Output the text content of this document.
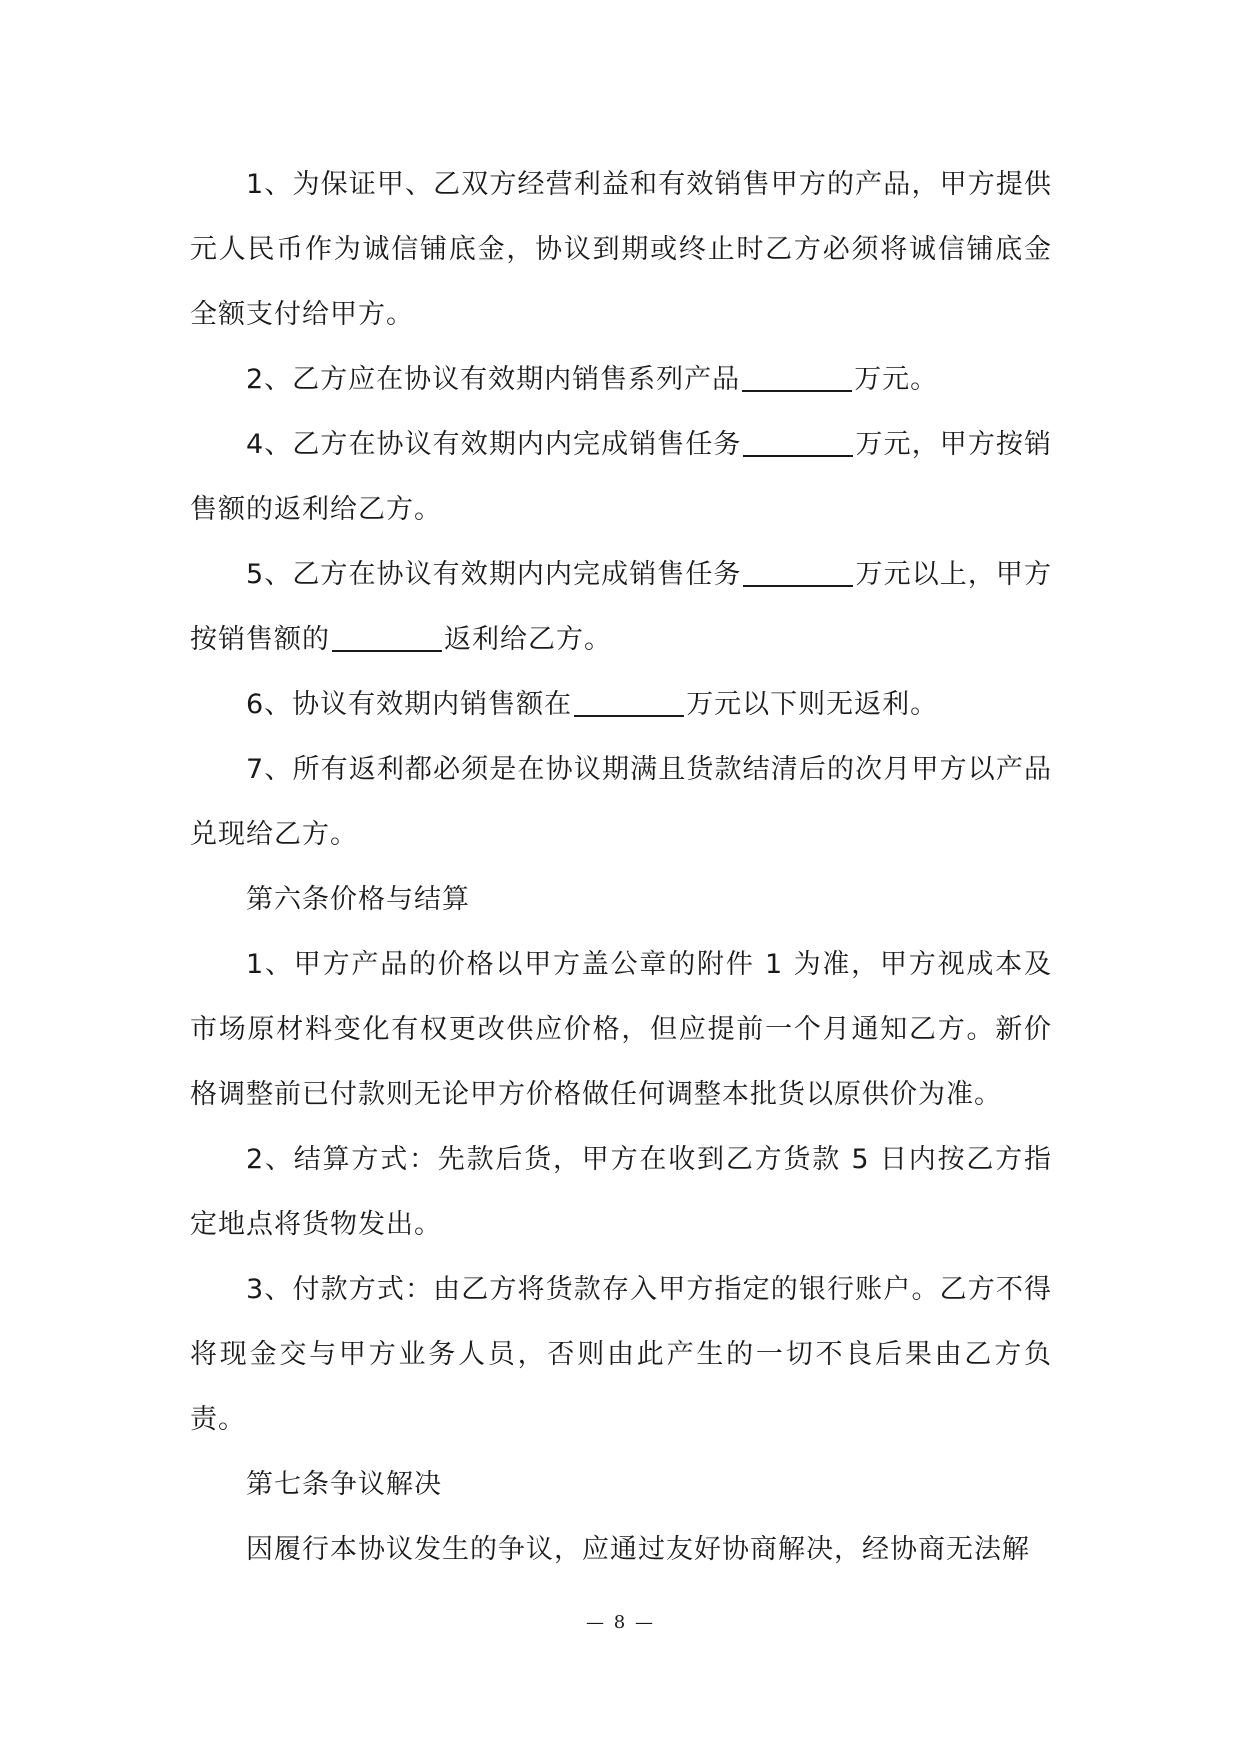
1、为保证甲、乙双方经营利益和有效销售甲方的产品，甲方提供元人民币作为诚信铺底金，协议到期或终止时乙方必须将诚信铺底金全额支付给甲方。

2、乙方应在协议有效期内销售系列产品	万元。

4、乙方在协议有效期内内完成销售任务	万元，甲方按销售额的返利给乙方。

5、乙方在协议有效期内内完成销售任务	万元以上，甲方按销售额的	返利给乙方。

6、协议有效期内销售额在	万元以下则无返利。

7、所有返利都必须是在协议期满且货款结清后的次月甲方以产品兑现给乙方。

第六条价格与结算

1、甲方产品的价格以甲方盖公章的附件 1 为准，甲方视成本及市场原材料变化有权更改供应价格，但应提前一个月通知乙方。新价格调整前已付款则无论甲方价格做任何调整本批货以原供价为准。

2、结算方式：先款后货，甲方在收到乙方货款 5 日内按乙方指定地点将货物发出。

3、付款方式：由乙方将货款存入甲方指定的银行账户。乙方不得将现金交与甲方业务人员，否则由此产生的一切不良后果由乙方负责。

第七条争议解决

因履行本协议发生的争议，应通过友好协商解决，经协商无法解

— 8 —
